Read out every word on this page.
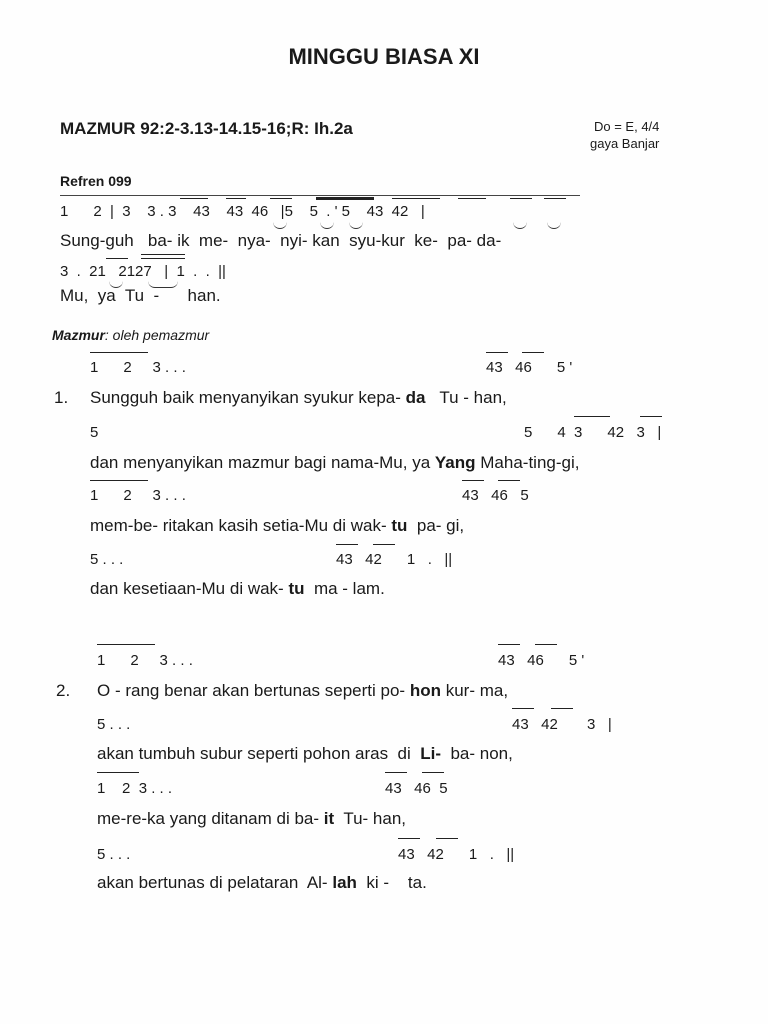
MINGGU BIASA XI
MAZMUR 92:2-3.13-14.15-16;R: Ih.2a	Do = E, 4/4
gaya Banjar
Refren 099
1      2  |  3    3 . 3    43    43  46   |5    5  . ' 5    43  42   |
Sung-guh   ba- ik  me-  nya-  nyi- kan  syu-kur  ke-  pa- da-
3  .  21   2127   |  1  .  .  ||
Mu,  ya  Tu  -      han.
Mazmur: oleh pemazmur
1      2     3 . . .	43   46      5 '
1. Sungguh baik menyanyikan syukur kepa- da Tu - han,
5	5      4  3      42   3   |
dan menyanyikan mazmur bagi nama-Mu, ya Yang Maha-ting-gi,
1      2     3 . . .	43   46   5
mem-be- ritakan kasih setia-Mu di wak- tu pa- gi,
5 . . .	43   42      1   .   ||
dan kesetiaan-Mu di wak- tu ma - lam.
1      2     3 . . .	43   46      5 '
2. O - rang benar akan bertunas seperti po- hon kur- ma,
5 . . .	43   42       3   |
akan tumbuh subur seperti pohon aras  di Li- ba- non,
1    2  3 . . .	43   46  5
me-re-ka yang ditanam di ba- it Tu- han,
5 . . .	43   42      1   .   ||
akan bertunas di pelataran  Al- lah ki -    ta.
